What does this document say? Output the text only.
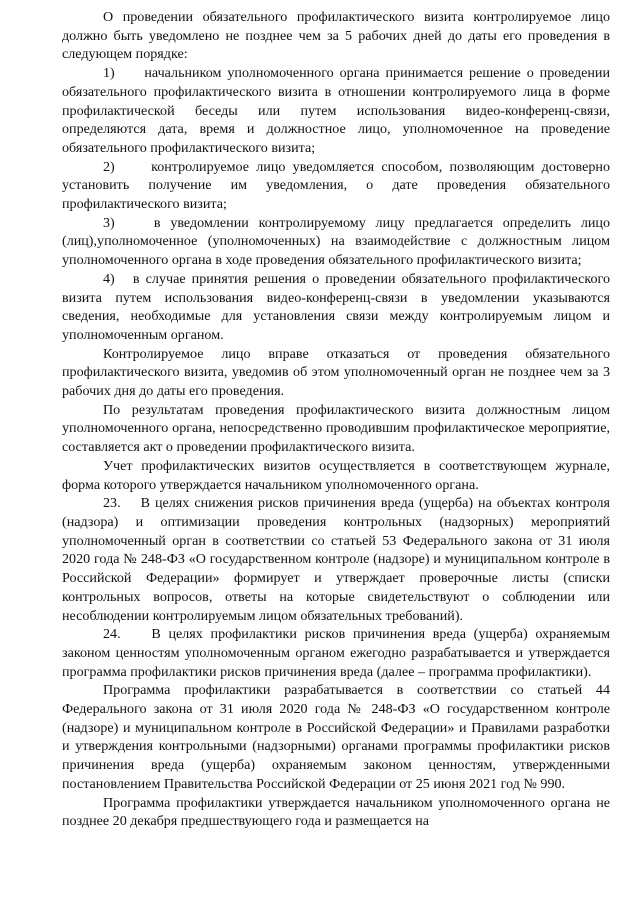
О проведении обязательного профилактического визита контролируемое лицо должно быть уведомлено не позднее чем за 5 рабочих дней до даты его проведения в следующем порядке:

1)     начальником уполномоченного органа принимается решение о проведении обязательного профилактического визита в отношении контролируемого лица в форме профилактической беседы или путем использования видео-конференц-связи, определяются дата, время и должностное лицо, уполномоченное на проведение обязательного профилактического визита;

2)     контролируемое лицо уведомляется способом, позволяющим достоверно установить получение им уведомления, о дате проведения обязательного профилактического визита;

3)    в уведомлении контролируемому лицу предлагается определить лицо (лиц),уполномоченное (уполномоченных) на взаимодействие с должностным лицом уполномоченного органа в ходе проведения обязательного профилактического визита;

4)   в случае принятия решения о проведении обязательного профилактического визита путем использования видео-конференц-связи в уведомлении указываются сведения, необходимые для установления связи между контролируемым лицом и уполномоченным органом.

Контролируемое лицо вправе отказаться от проведения обязательного профилактического визита, уведомив об этом уполномоченный орган не позднее чем за 3 рабочих дня до даты его проведения.

По результатам проведения профилактического визита должностным лицом уполномоченного органа, непосредственно проводившим профилактическое мероприятие, составляется акт о проведении профилактического визита.

Учет профилактических визитов осуществляется в соответствующем журнале, форма которого утверждается начальником уполномоченного органа.

23.    В целях снижения рисков причинения вреда (ущерба) на объектах контроля (надзора) и оптимизации проведения контрольных (надзорных) мероприятий уполномоченный орган в соответствии со статьей 53 Федерального закона от 31 июля 2020 года № 248-ФЗ «О государственном контроле (надзоре) и муниципальном контроле в Российской Федерации» формирует и утверждает проверочные листы (списки контрольных вопросов, ответы на которые свидетельствуют о соблюдении или несоблюдении контролируемым лицом обязательных требований).

24.    В целях профилактики рисков причинения вреда (ущерба) охраняемым законом ценностям уполномоченным органом ежегодно разрабатывается и утверждается программа профилактики рисков причинения вреда (далее – программа профилактики).

Программа профилактики разрабатывается в соответствии со статьей 44 Федерального закона от 31 июля 2020 года № 248-ФЗ «О государственном контроле (надзоре) и муниципальном контроле в Российской Федерации» и Правилами разработки и утверждения контрольными (надзорными) органами программы профилактики рисков причинения вреда (ущерба) охраняемым законом ценностям, утвержденными постановлением Правительства Российской Федерации от 25 июня 2021 год № 990.

Программа профилактики утверждается начальником уполномоченного органа не позднее 20 декабря предшествующего года и размещается на
